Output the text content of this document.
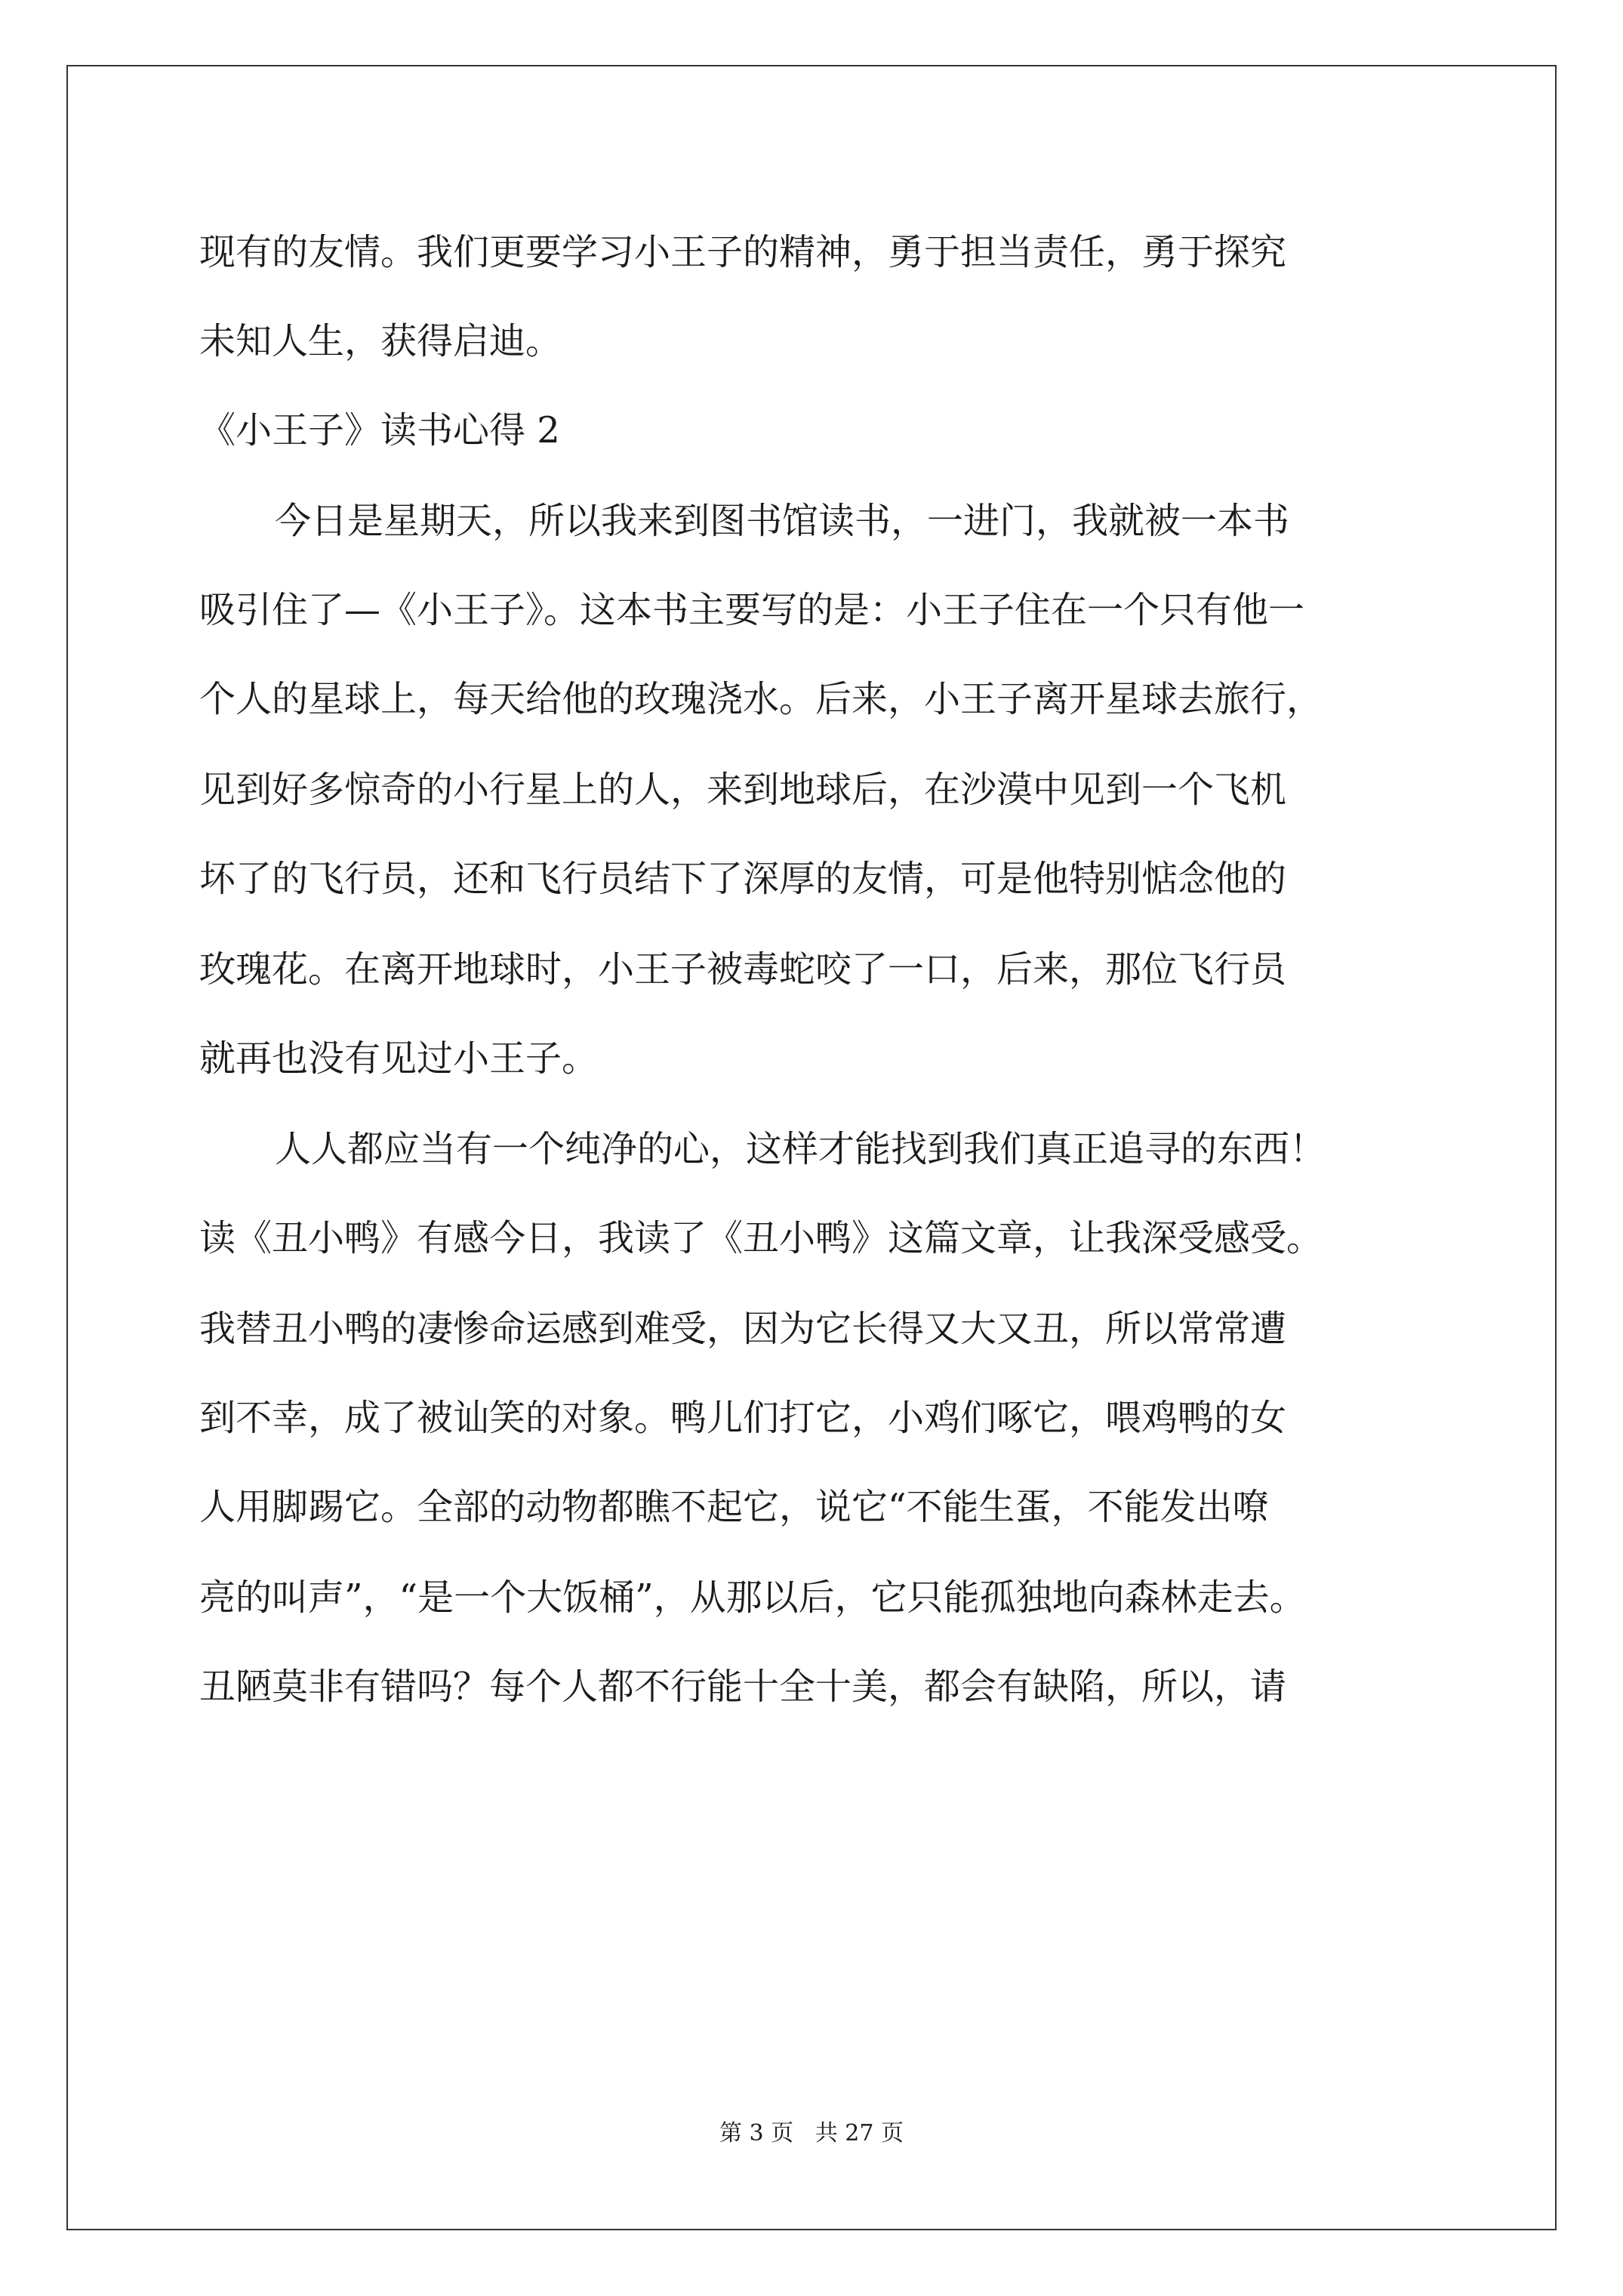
现有的友情。我们更要学习小王子的精神，勇于担当责任，勇于探究
未知人生，获得启迪。
《小王子》读书心得 2
今日是星期天，所以我来到图书馆读书，一进门，我就被一本书
吸引住了—《小王子》。这本书主要写的是：小王子住在一个只有他一
个人的星球上，每天给他的玫瑰浇水。后来，小王子离开星球去旅行，
见到好多惊奇的小行星上的人，来到地球后，在沙漠中见到一个飞机
坏了的飞行员，还和飞行员结下了深厚的友情，可是他特别惦念他的
玫瑰花。在离开地球时，小王子被毒蛇咬了一口，后来，那位飞行员
就再也没有见过小王子。
人人都应当有一个纯净的心，这样才能找到我们真正追寻的东西！
读《丑小鸭》有感今日，我读了《丑小鸭》这篇文章，让我深受感受。
我替丑小鸭的凄惨命运感到难受，因为它长得又大又丑，所以常常遭
到不幸，成了被讪笑的对象。鸭儿们打它，小鸡们啄它，喂鸡鸭的女
人用脚踢它。全部的动物都瞧不起它，说它“不能生蛋，不能发出嘹
亮的叫声”，“是一个大饭桶”，从那以后，它只能孤独地向森林走去。
丑陋莫非有错吗？每个人都不行能十全十美，都会有缺陷，所以，请
第 3 页 共 27 页
